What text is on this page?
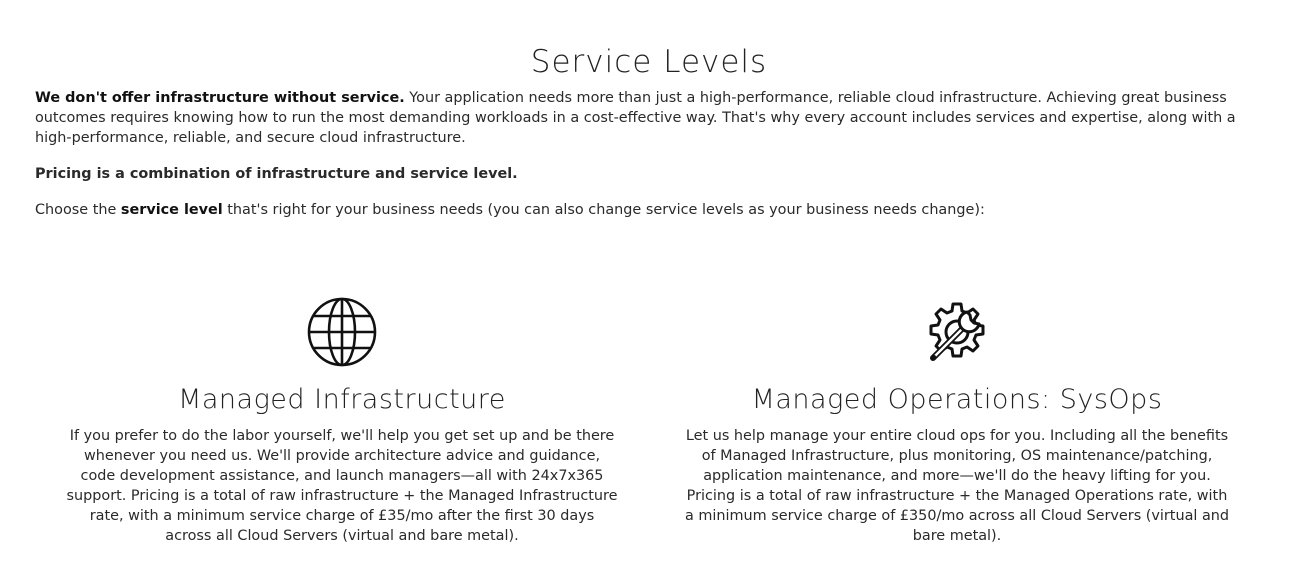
Service Levels

We don't offer infrastructure without service. Your application needs more than just a high-performance, reliable cloud infrastructure. Achieving great business outcomes requires knowing how to run the most demanding workloads in a cost-effective way. That's why every account includes services and expertise, along with a high-performance, reliable, and secure cloud infrastructure.

Pricing is a combination of infrastructure and service level.

Choose the service level that's right for your business needs (you can also change service levels as your business needs change):

Managed Infrastructure

If you prefer to do the labor yourself, we'll help you get set up and be there whenever you need us. We'll provide architecture advice and guidance, code development assistance, and launch managers—all with 24x7x365 support. Pricing is a total of raw infrastructure + the Managed Infrastructure rate, with a minimum service charge of £35/mo after the first 30 days across all Cloud Servers (virtual and bare metal).

Managed Operations: SysOps

Let us help manage your entire cloud ops for you. Including all the benefits of Managed Infrastructure, plus monitoring, OS maintenance/patching, application maintenance, and more—we'll do the heavy lifting for you. Pricing is a total of raw infrastructure + the Managed Operations rate, with a minimum service charge of £350/mo across all Cloud Servers (virtual and bare metal).
